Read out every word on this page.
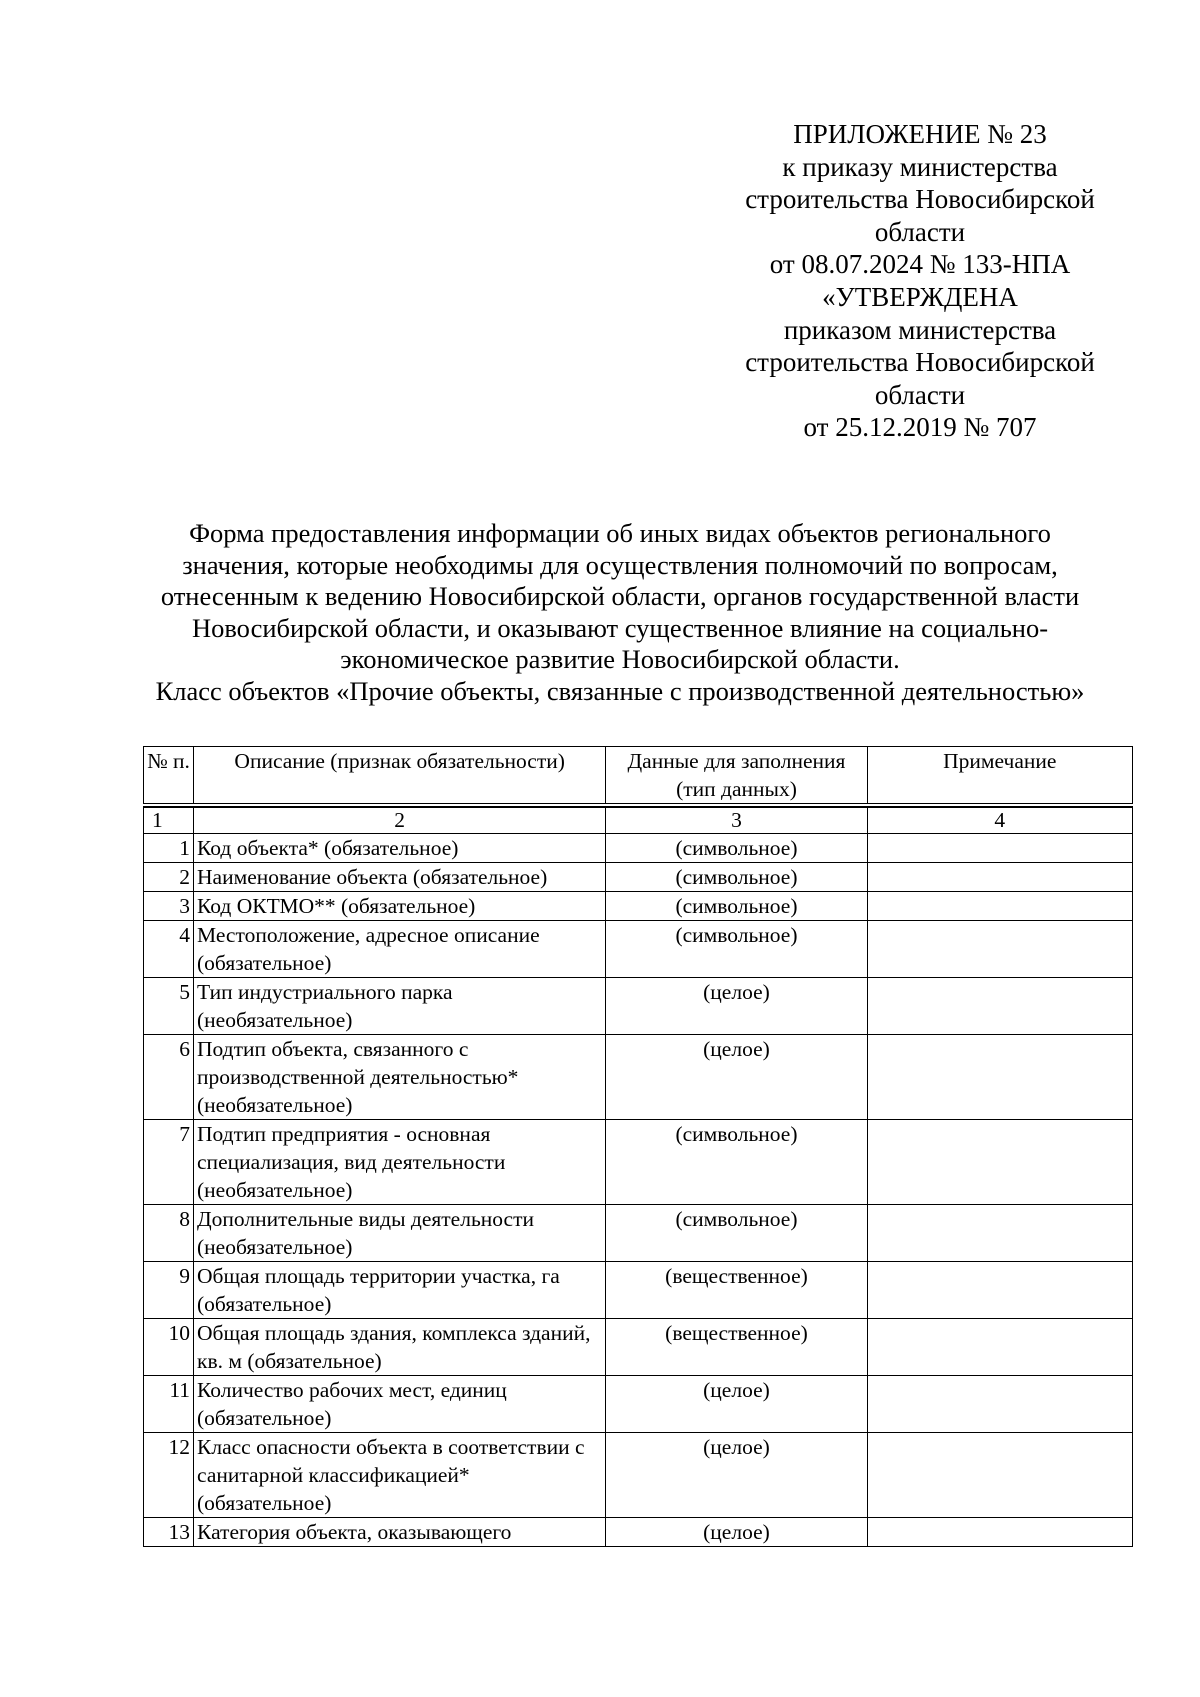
ПРИЛОЖЕНИЕ № 23
к приказу министерства
строительства Новосибирской
области
от 08.07.2024 № 133-НПА
«УТВЕРЖДЕНА
приказом министерства
строительства Новосибирской
области
от 25.12.2019 № 707
Форма предоставления информации об иных видах объектов регионального
значения, которые необходимы для осуществления полномочий по вопросам,
отнесенным к ведению Новосибирской области, органов государственной власти
Новосибирской области, и оказывают существенное влияние на социально-
экономическое развитие Новосибирской области.
Класс объектов «Прочие объекты, связанные с производственной деятельностью»
№ п.	Описание (признак обязательности)	Данные для заполнения (тип данных)	Примечание

1	2	3	4
1	Код объекта* (обязательное)	(символьное)	
2	Наименование объекта (обязательное)	(символьное)	
3	Код ОКТМО** (обязательное)	(символьное)	
4	Местоположение, адресное описание (обязательное)	(символьное)	
5	Тип индустриального парка (необязательное)	(целое)	
6	Подтип объекта, связанного с производственной деятельностью* (необязательное)	(целое)	
7	Подтип предприятия - основная специализация, вид деятельности (необязательное)	(символьное)	
8	Дополнительные виды деятельности (необязательное)	(символьное)	
9	Общая площадь территории участка, га (обязательное)	(вещественное)	
10	Общая площадь здания, комплекса зданий, кв. м (обязательное)	(вещественное)	
11	Количество рабочих мест, единиц (обязательное)	(целое)	
12	Класс опасности объекта в соответствии с санитарной классификацией* (обязательное)	(целое)	
13	Категория объекта, оказывающего	(целое)	
